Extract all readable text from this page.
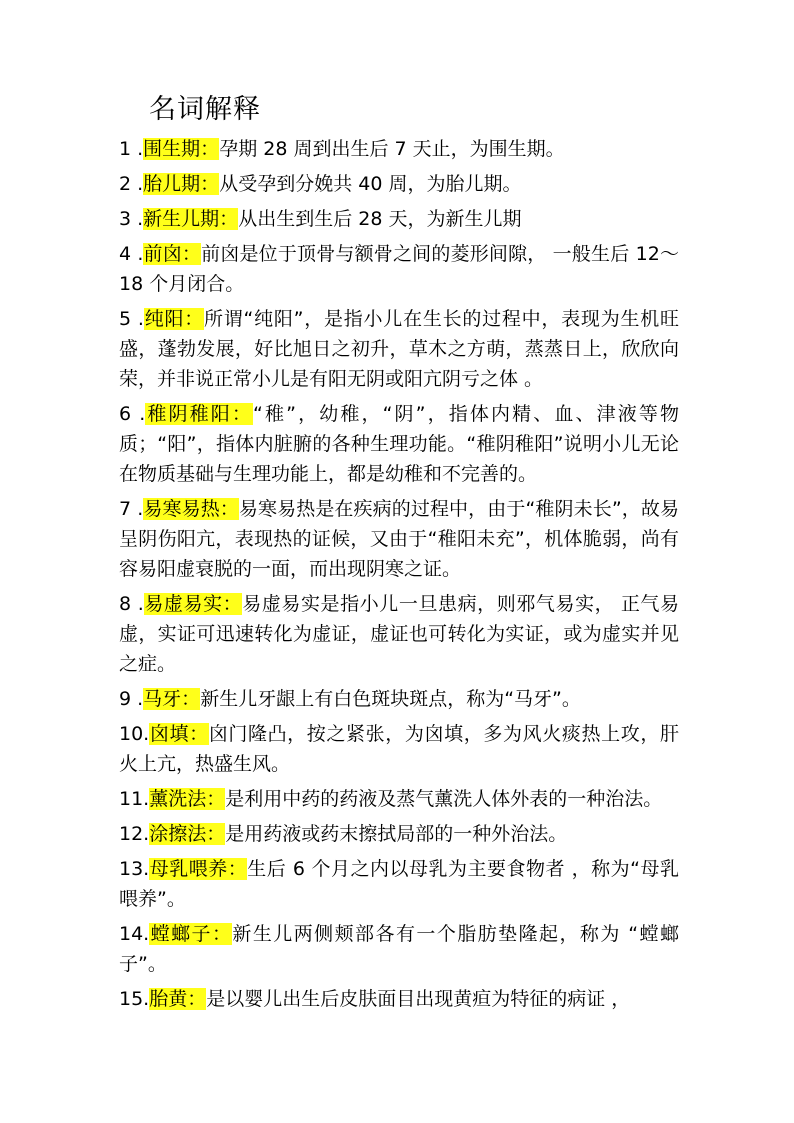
名词解释

1 .围生期：孕期 28 周到出生后 7 天止，为围生期。

2 .胎儿期：从受孕到分娩共 40 周，为胎儿期。

3 .新生儿期：从出生到生后 28 天，为新生儿期

4 .前囟：前囟是位于顶骨与额骨之间的菱形间隙， 一般生后 12～18 个月闭合。

5 .纯阳：所谓“纯阳”，是指小儿在生长的过程中，表现为生机旺盛，蓬勃发展，好比旭日之初升，草木之方萌，蒸蒸日上，欣欣向荣，并非说正常小儿是有阳无阴或阳亢阴亏之体 。

6 .稚阴稚阳：“稚”，幼稚，“阴”，指体内精、血、津液等物质；“阳”，指体内脏腑的各种生理功能。“稚阴稚阳”说明小儿无论在物质基础与生理功能上，都是幼稚和不完善的。

7 .易寒易热：易寒易热是在疾病的过程中，由于“稚阴未长”，故易呈阴伤阳亢，表现热的证候，又由于“稚阳未充”，机体脆弱，尚有容易阳虚衰脱的一面，而出现阴寒之证。

8 .易虚易实：易虚易实是指小儿一旦患病，则邪气易实， 正气易虚，实证可迅速转化为虚证，虚证也可转化为实证，或为虚实并见之症。

9 .马牙：新生儿牙龈上有白色斑块斑点，称为“马牙”。

10.囟填：囟门隆凸，按之紧张，为囟填，多为风火痰热上攻，肝火上亢，热盛生风。

11.薰洗法：是利用中药的药液及蒸气薰洗人体外表的一种治法。

12.涂擦法：是用药液或药末擦拭局部的一种外治法。

13.母乳喂养：生后 6 个月之内以母乳为主要食物者 ，称为“母乳喂养”。

14.螳螂子：新生儿两侧颊部各有一个脂肪垫隆起，称为 “螳螂子”。

15.胎黄：是以婴儿出生后皮肤面目出现黄疸为特征的病证 ，
